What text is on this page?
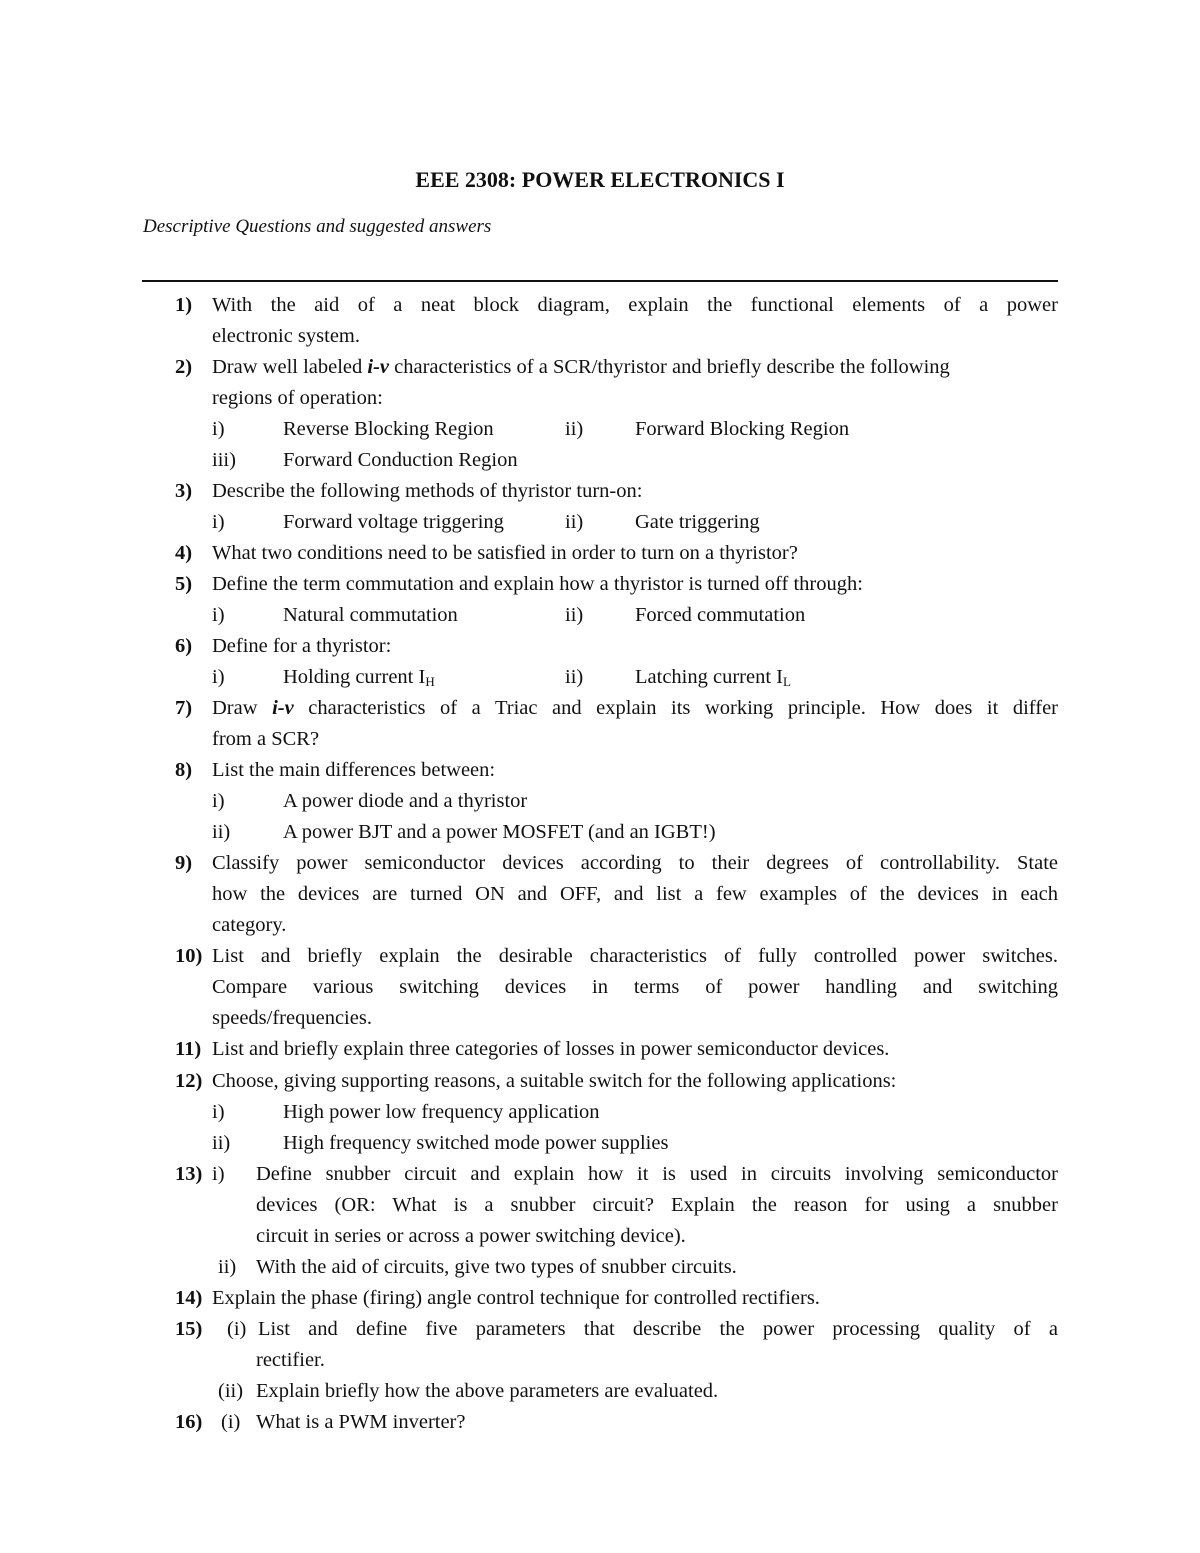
EEE 2308: POWER ELECTRONICS I
Descriptive Questions and suggested answers
1) With the aid of a neat block diagram, explain the functional elements of a power
electronic system.
2) Draw well labeled i-v characteristics of a SCR/thyristor and briefly describe the following
regions of operation:
i)	Reverse Blocking Region	ii)	Forward Blocking Region
iii) Forward Conduction Region
3) Describe the following methods of thyristor turn-on:
i)	Forward voltage triggering	ii)	Gate triggering
4) What two conditions need to be satisfied in order to turn on a thyristor?
5) Define the term commutation and explain how a thyristor is turned off through:
i)	Natural commutation	ii)	Forced commutation
6) Define for a thyristor:
i)	Holding current $I_H$	ii)	Latching current $I_L$
7) Draw i-v characteristics of a Triac and explain its working principle. How does it differ
from a SCR?
8) List the main differences between:
i)	A power diode and a thyristor
ii)	A power BJT and a power MOSFET (and an IGBT!)
9) Classify power semiconductor devices according to their degrees of controllability. State
how the devices are turned ON and OFF, and list a few examples of the devices in each
category.
10) List and briefly explain the desirable characteristics of fully controlled power switches.
Compare various switching devices in terms of power handling and switching
speeds/frequencies.
11) List and briefly explain three categories of losses in power semiconductor devices.
12) Choose, giving supporting reasons, a suitable switch for the following applications:
i)	High power low frequency application
ii)	High frequency switched mode power supplies
13) i) Define snubber circuit and explain how it is used in circuits involving semiconductor
devices (OR: What is a snubber circuit? Explain the reason for using a snubber
circuit in series or across a power switching device).
ii) With the aid of circuits, give two types of snubber circuits.
14) Explain the phase (firing) angle control technique for controlled rectifiers.
15) (i) List and define five parameters that describe the power processing quality of a
rectifier.
(ii) Explain briefly how the above parameters are evaluated.
16) (i) What is a PWM inverter?
